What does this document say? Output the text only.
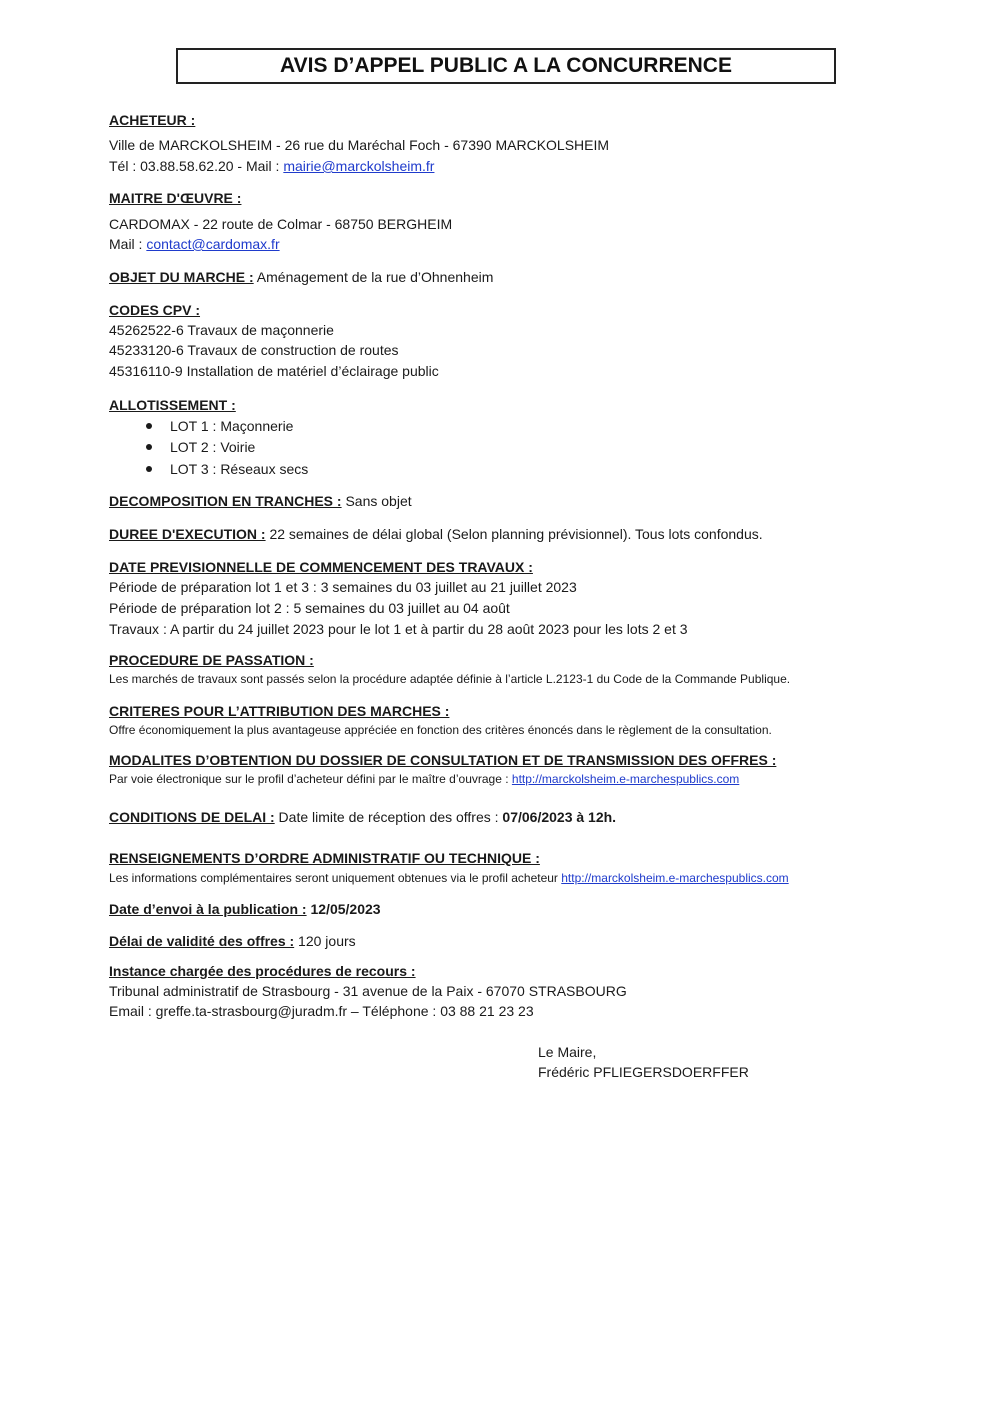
AVIS D’APPEL PUBLIC A LA CONCURRENCE
ACHETEUR :
Ville de MARCKOLSHEIM - 26 rue du Maréchal Foch - 67390 MARCKOLSHEIM
Tél : 03.88.58.62.20 - Mail : mairie@marckolsheim.fr
MAITRE D'ŒUVRE :
CARDOMAX - 22 route de Colmar - 68750 BERGHEIM
Mail : contact@cardomax.fr
OBJET DU MARCHE : Aménagement de la rue d’Ohnenheim
CODES CPV :
45262522-6 Travaux de maçonnerie
45233120-6 Travaux de construction de routes
45316110-9 Installation de matériel d’éclairage public
ALLOTISSEMENT :
LOT 1 : Maçonnerie
LOT 2 : Voirie
LOT 3 : Réseaux secs
DECOMPOSITION EN TRANCHES : Sans objet
DUREE D'EXECUTION : 22 semaines de délai global (Selon planning prévisionnel). Tous lots confondus.
DATE PREVISIONNELLE DE COMMENCEMENT DES TRAVAUX :
Période de préparation lot 1 et 3 : 3 semaines du 03 juillet au 21 juillet 2023
Période de préparation lot 2 : 5 semaines du 03 juillet au 04 août
Travaux : A partir du 24 juillet 2023 pour le lot 1 et à partir du 28 août 2023 pour les lots 2 et 3
PROCEDURE DE PASSATION :
Les marchés de travaux sont passés selon la procédure adaptée définie à l’article L.2123-1 du Code de la Commande Publique.
CRITERES POUR L’ATTRIBUTION DES MARCHES :
Offre économiquement la plus avantageuse appréciée en fonction des critères énoncés dans le règlement de la consultation.
MODALITES D’OBTENTION DU DOSSIER DE CONSULTATION ET DE TRANSMISSION DES OFFRES :
Par voie électronique sur le profil d’acheteur défini par le maître d’ouvrage : http://marckolsheim.e-marchespublics.com
CONDITIONS DE DELAI : Date limite de réception des offres : 07/06/2023 à 12h.
RENSEIGNEMENTS D’ORDRE ADMINISTRATIF OU TECHNIQUE :
Les informations complémentaires seront uniquement obtenues via le profil acheteur http://marckolsheim.e-marchespublics.com
Date d’envoi à la publication : 12/05/2023
Délai de validité des offres : 120 jours
Instance chargée des procédures de recours :
Tribunal administratif de Strasbourg - 31 avenue de la Paix - 67070 STRASBOURG
Email : greffe.ta-strasbourg@juradm.fr – Téléphone : 03 88 21 23 23
Le Maire,
Frédéric PFLIEGERSDOERFFER
